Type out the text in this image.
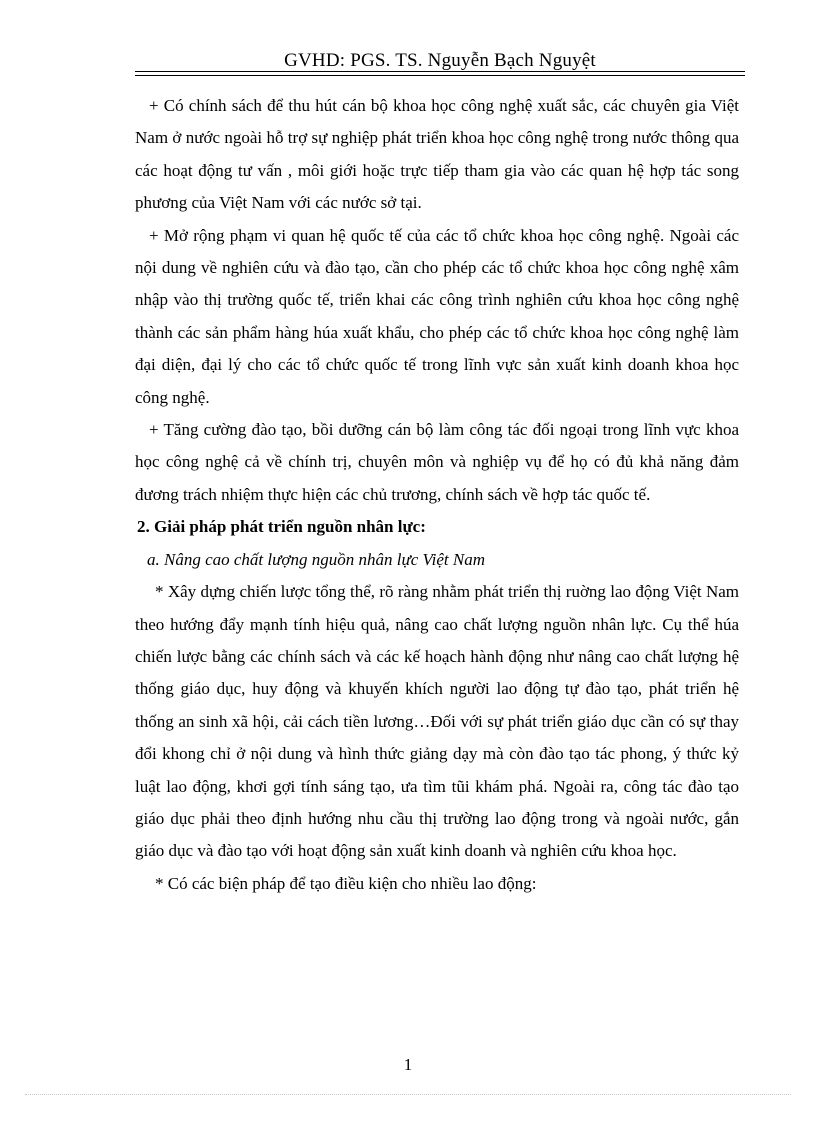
GVHD: PGS. TS. Nguyễn Bạch Nguyệt

+ Có chính sách để thu hút cán bộ khoa học công nghệ xuất sắc, các chuyên gia Việt Nam ở nước ngoài hỗ trợ sự nghiệp phát triển khoa học công nghệ trong nước thông qua các hoạt động tư vấn , môi giới hoặc trực tiếp tham gia vào các quan hệ hợp tác song phương của Việt Nam với các nước sở tại.

+ Mở rộng phạm vi quan hệ quốc tế của các tổ chức khoa học công nghệ. Ngoài các nội dung về nghiên cứu và đào tạo, cần cho phép các tổ chức khoa học công nghệ xâm nhập vào thị trường quốc tế, triển khai các công trình nghiên cứu khoa học công nghệ thành các sản phẩm hàng húa xuất khẩu, cho phép các tổ chức khoa học công nghệ làm đại diện, đại lý cho các tổ chức quốc tế trong lĩnh vực sản xuất kinh doanh khoa học công nghệ.

+ Tăng cường đào tạo, bồi dưỡng cán bộ làm công tác đối ngoại trong lĩnh vực khoa học công nghệ cả về chính trị, chuyên môn và nghiệp vụ để họ có đủ khả năng đảm đương trách nhiệm thực hiện các chủ trương, chính sách về hợp tác quốc tế.

2. Giải pháp phát triển nguồn nhân lực:

a. Nâng cao chất lượng nguồn nhân lực Việt Nam

* Xây dựng chiến lược tổng thể, rõ ràng nhằm phát triển thị ruờng lao động Việt Nam theo hướng đẩy mạnh tính hiệu quả, nâng cao chất lượng nguồn nhân lực. Cụ thể húa chiến lược bằng các chính sách và các kế hoạch hành động như nâng cao chất lượng hệ thống giáo dục, huy động và khuyến khích người lao động tự đào tạo, phát triển hệ thống an sinh xã hội, cải cách tiền lương…Đối với sự phát triển giáo dục cần có sự thay đổi khong chỉ ở nội dung và hình thức giảng dạy mà còn đào tạo tác phong, ý thức kỷ luật lao động, khơi gợi tính sáng tạo, ưa tìm tũi khám phá. Ngoài ra, công tác đào tạo giáo dục phải theo định hướng nhu cầu thị trường lao động trong và ngoài nước, gắn giáo dục và đào tạo với hoạt động sản xuất kinh doanh và nghiên cứu khoa học.

* Có các biện pháp để tạo điều kiện cho nhiều lao động:

1
